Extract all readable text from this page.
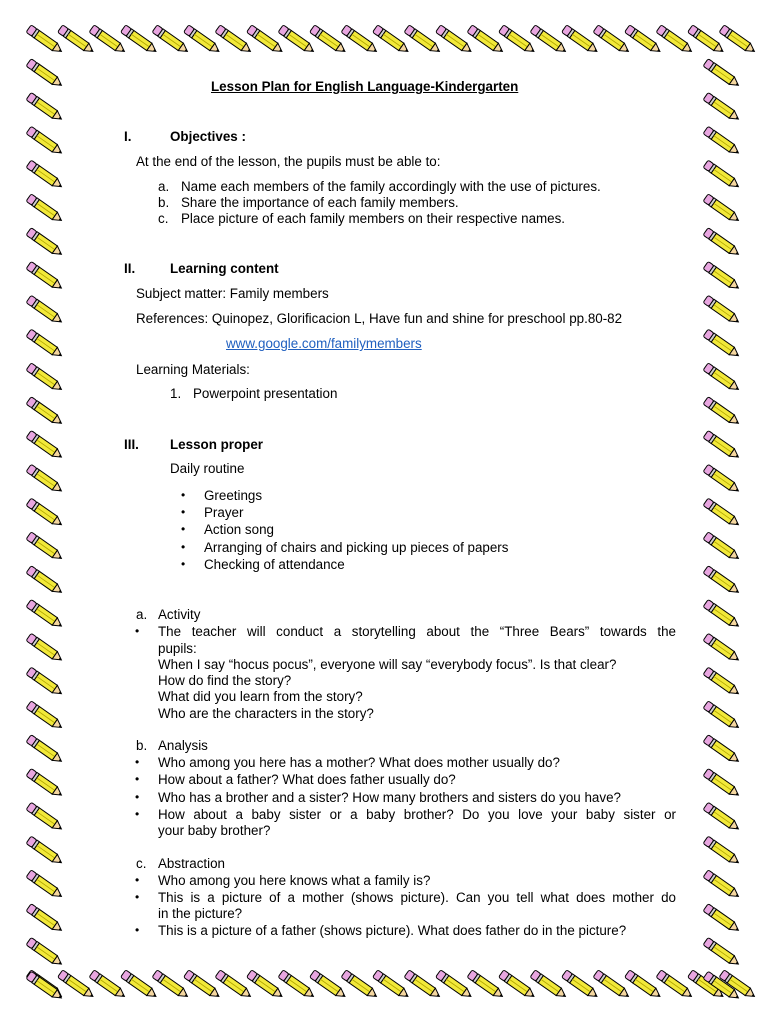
Lesson Plan for English Language-Kindergarten
I.	Objectives :
At the end of the lesson, the pupils must be able to:
a. Name each members of the family accordingly with the use of pictures.
b. Share the importance of each family members.
c. Place picture of each family members on their respective names.
II.	Learning content
Subject matter: Family members
References: Quinopez, Glorificacion L, Have fun and shine for preschool pp.80-82
www.google.com/familymembers
Learning Materials:
1. Powerpoint presentation
III. Lesson proper
Daily routine
• Greetings
• Prayer
• Action song
• Arranging of chairs and picking up pieces of papers
• Checking of attendance
a. Activity
• The teacher will conduct a storytelling about the “Three Bears” towards the
pupils:
When I say “hocus pocus”, everyone will say “everybody focus”. Is that clear?
How do find the story?
What did you learn from the story?
Who are the characters in the story?
b. Analysis
• Who among you here has a mother? What does mother usually do?
• How about a father? What does father usually do?
• Who has a brother and a sister? How many brothers and sisters do you have?
• How about a baby sister or a baby brother? Do you love your baby sister or
your baby brother?
c. Abstraction
• Who among you here knows what a family is?
• This is a picture of a mother (shows picture). Can you tell what does mother do
in the picture?
• This is a picture of a father (shows picture). What does father do in the picture?
